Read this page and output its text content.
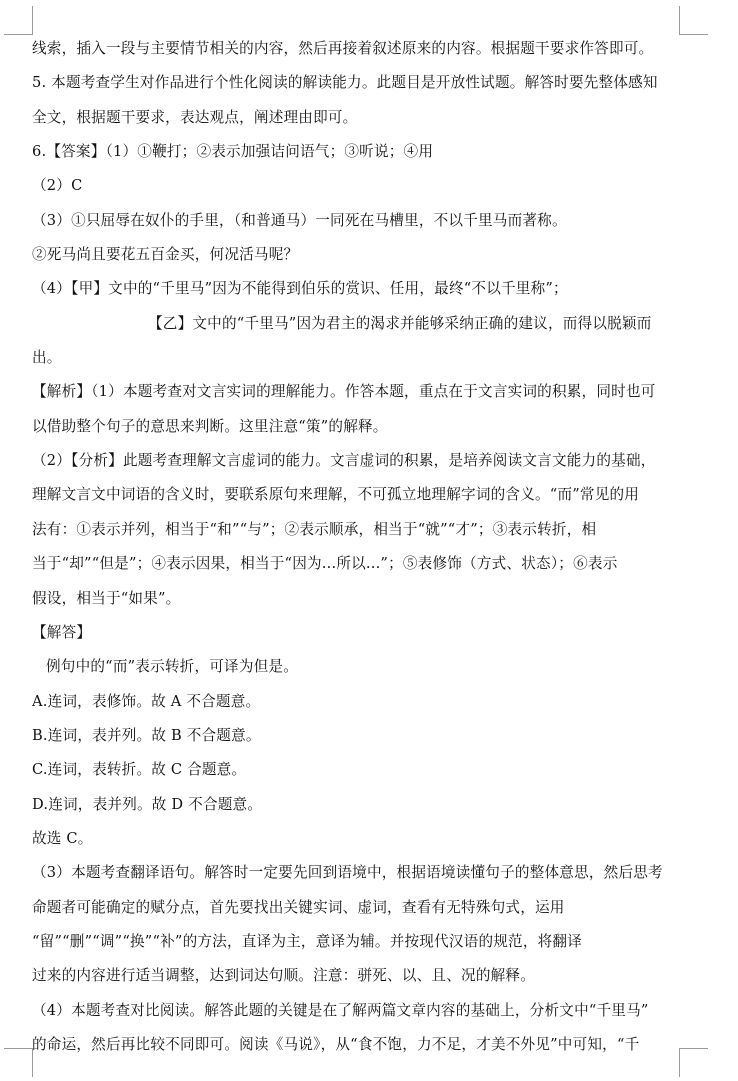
线索，插入一段与主要情节相关的内容，然后再接着叙述原来的内容。根据题干要求作答即可。
5. 本题考查学生对作品进行个性化阅读的解读能力。此题目是开放性试题。解答时要先整体感知
全文，根据题干要求，表达观点，阐述理由即可。
6.【答案】（1）①鞭打；②表示加强诘问语气；③听说；④用
（2）C
（3）①只屈辱在奴仆的手里，（和普通马）一同死在马槽里，不以千里马而著称。
②死马尚且要花五百金买，何况活马呢？
（4）【甲】文中的“千里马”因为不能得到伯乐的赏识、任用，最终“不以千里称”；
【乙】文中的“千里马”因为君主的渴求并能够采纳正确的建议，而得以脱颖而
出。
【解析】（1）本题考查对文言实词的理解能力。作答本题，重点在于文言实词的积累，同时也可
以借助整个句子的意思来判断。这里注意“策”的解释。
（2）【分析】此题考查理解文言虚词的能力。文言虚词的积累，是培养阅读文言文能力的基础，
理解文言文中词语的含义时，要联系原句来理解，不可孤立地理解字词的含义。“而”常见的用
法有：①表示并列，相当于“和”“与”；②表示顺承，相当于“就”“才”；③表示转折，相
当于“却”“但是”；④表示因果，相当于“因为...所以...”；⑤表修饰（方式、状态）；⑥表示
假设，相当于“如果”。
【解答】
例句中的“而”表示转折，可译为但是。
A.连词，表修饰。故 A 不合题意。
B.连词，表并列。故 B 不合题意。
C.连词，表转折。故 C 合题意。
D.连词，表并列。故 D 不合题意。
故选 C。
（3）本题考查翻译语句。解答时一定要先回到语境中，根据语境读懂句子的整体意思，然后思考
命题者可能确定的赋分点，首先要找出关键实词、虚词，查看有无特殊句式，运用
“留”“删”“调”“换”“补”的方法，直译为主，意译为辅。并按现代汉语的规范，将翻译
过来的内容进行适当调整，达到词达句顺。注意：骈死、以、且、况的解释。
（4）本题考查对比阅读。解答此题的关键是在了解两篇文章内容的基础上，分析文中“千里马”
的命运，然后再比较不同即可。阅读《马说》，从“食不饱，力不足，才美不外见”中可知，“千
